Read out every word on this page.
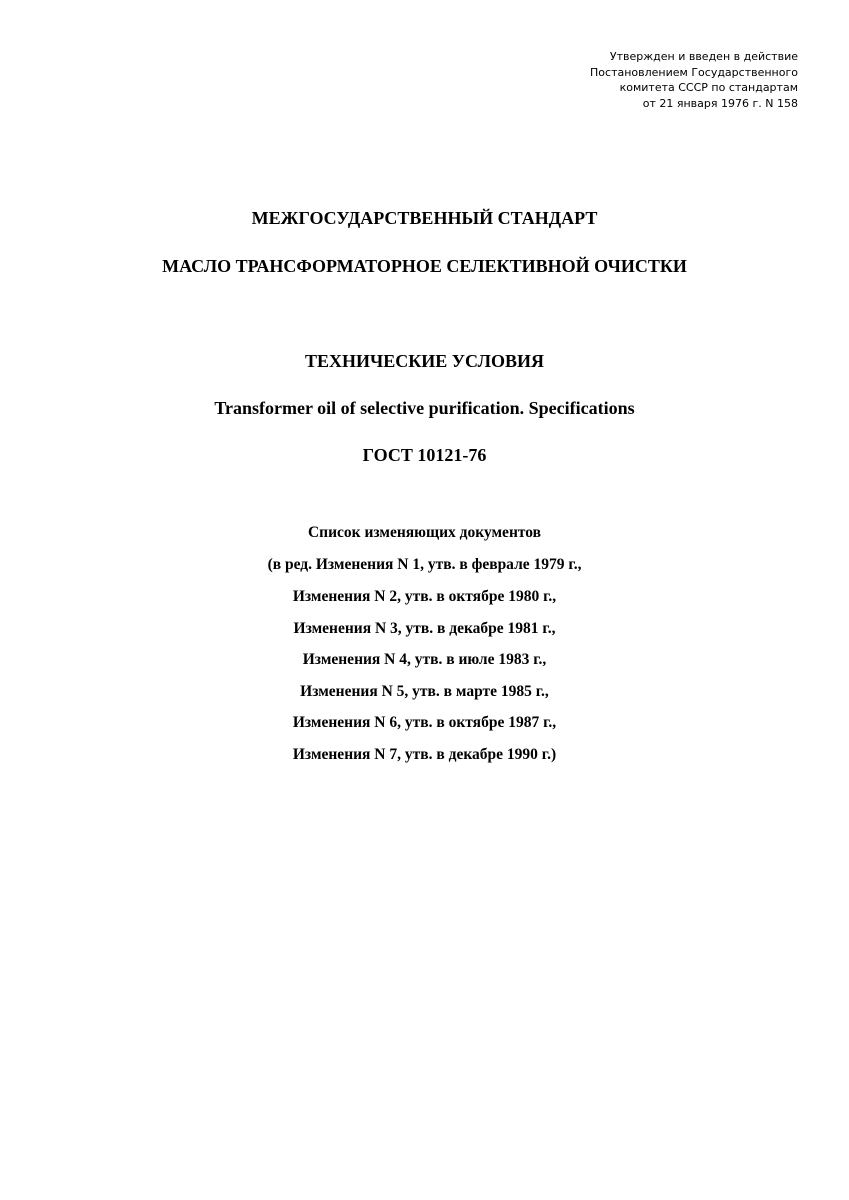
Утвержден и введен в действие
Постановлением Государственного
комитета СССР по стандартам
от 21 января 1976 г. N 158
МЕЖГОСУДАРСТВЕННЫЙ СТАНДАРТ
МАСЛО ТРАНСФОРМАТОРНОЕ СЕЛЕКТИВНОЙ ОЧИСТКИ
ТЕХНИЧЕСКИЕ УСЛОВИЯ
Transformer oil of selective purification. Specifications
ГОСТ 10121-76
Список изменяющих документов
(в ред. Изменения N 1, утв. в феврале 1979 г.,
Изменения N 2, утв. в октябре 1980 г.,
Изменения N 3, утв. в декабре 1981 г.,
Изменения N 4, утв. в июле 1983 г.,
Изменения N 5, утв. в марте 1985 г.,
Изменения N 6, утв. в октябре 1987 г.,
Изменения N 7, утв. в декабре 1990 г.)
